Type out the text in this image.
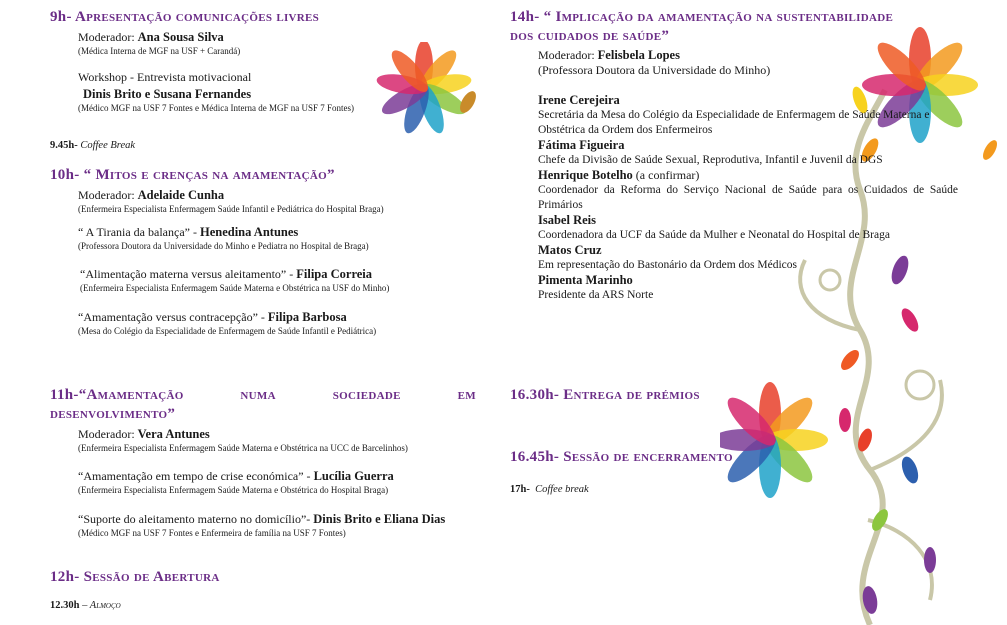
9h- Apresentação comunicações livres

Moderador: Ana Sousa Silva
(Médica Interna de MGF na USF + Carandá)
Workshop - Entrevista motivacional
Dinis Brito e Susana Fernandes
(Médico MGF na USF 7 Fontes e Médica Interna de MGF na USF 7 Fontes)
9.45h- Coffee Break

10h- “ Mitos e crenças na amamentação”

Moderador: Adelaide Cunha
(Enfermeira Especialista Enfermagem Saúde Infantil e Pediátrica do Hospital Braga)
“ A Tirania da balança” - Henedina Antunes
(Professora Doutora da Universidade do Minho e Pediatra no Hospital de Braga)
“Alimentação materna versus aleitamento” - Filipa Correia
(Enfermeira Especialista Enfermagem Saúde Materna e Obstétrica na USF do Minho)
“Amamentação versus contracepção” - Filipa Barbosa
(Mesa do Colégio da Especialidade de Enfermagem de Saúde Infantil e Pediátrica)

11h-“Amamentação numa sociedade em

desenvolvimento”

Moderador: Vera Antunes
(Enfermeira Especialista Enfermagem Saúde Materna e Obstétrica na UCC de Barcelinhos)
“Amamentação em tempo de crise económica” - Lucília Guerra
(Enfermeira Especialista Enfermagem Saúde Materna e Obstétrica do Hospital Braga)
“Suporte do aleitamento materno no domicílio”- Dinis Brito e Eliana Dias
(Médico MGF na USF 7 Fontes e Enfermeira de família na USF 7 Fontes)

12h- Sessão de Abertura

12.30h – Almoço

14h- “ Implicação da amamentação na sustentabilidade

dos cuidados de saúde”

Moderador: Felisbela Lopes
(Professora Doutora da Universidade do Minho)
Irene Cerejeira
Secretária da Mesa do Colégio da Especialidade de Enfermagem de Saúde Materna e Obstétrica da Ordem dos Enfermeiros
Fátima Figueira
Chefe da Divisão de Saúde Sexual, Reprodutiva, Infantil e Juvenil da DGS
Henrique Botelho (a confirmar)
Coordenador da Reforma do Serviço Nacional de Saúde para os Cuidados de Saúde Primários
Isabel Reis
Coordenadora da UCF da Saúde da Mulher e Neonatal do Hospital de Braga
Matos Cruz
Em representação do Bastonário da Ordem dos Médicos
Pimenta Marinho
Presidente da ARS Norte

16.30h- Entrega de prémios

16.45h- Sessão de encerramento

17h- Coffee break
